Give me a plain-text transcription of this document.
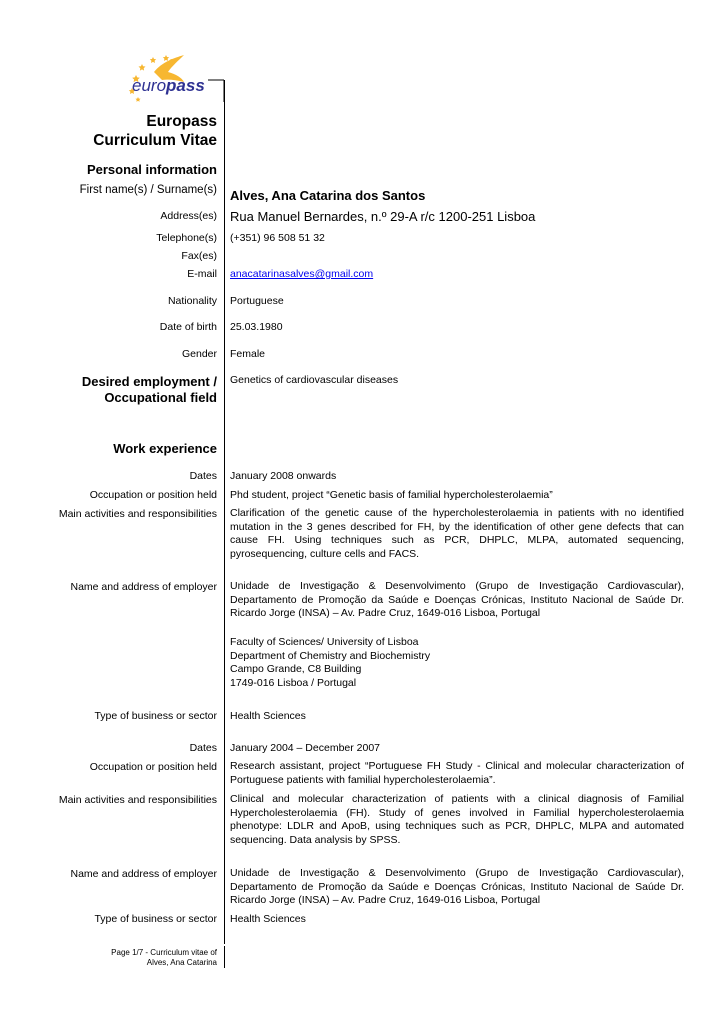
europass
Europass
Curriculum Vitae
Personal information
First name(s) / Surname(s) Alves, Ana Catarina dos Santos
Address(es) Rua Manuel Bernardes, n.º 29-A r/c 1200-251 Lisboa
Telephone(s) (+351) 96 508 51 32
Fax(es)
E-mail anacatarinasalves@gmail.com
Nationality Portuguese
Date of birth 25.03.1980
Gender Female
Desired employment /
Occupational field
Genetics of cardiovascular diseases
Work experience
Dates January 2008 onwards
Occupation or position held Phd student, project “Genetic basis of familial hypercholesterolaemia”
Main activities and responsibilities Clarification of the genetic cause of the hypercholesterolaemia in patients with no identified mutation in the 3 genes described for FH, by the identification of other gene defects that can cause FH. Using techniques such as PCR, DHPLC, MLPA, automated sequencing, pyrosequencing, culture cells and FACS.
Name and address of employer Unidade de Investigação & Desenvolvimento (Grupo de Investigação Cardiovascular), Departamento de Promoção da Saúde e Doenças Crónicas, Instituto Nacional de Saúde Dr. Ricardo Jorge (INSA) – Av. Padre Cruz, 1649-016 Lisboa, Portugal
Faculty of Sciences/ University of Lisboa
Department of Chemistry and Biochemistry
Campo Grande, C8 Building
1749-016 Lisboa / Portugal
Type of business or sector Health Sciences
Dates January 2004 – December 2007
Occupation or position held Research assistant, project “Portuguese FH Study - Clinical and molecular characterization of Portuguese patients with familial hypercholesterolaemia”.
Main activities and responsibilities Clinical and molecular characterization of patients with a clinical diagnosis of Familial Hypercholesterolaemia (FH). Study of genes involved in Familial hypercholesterolaemia phenotype: LDLR and ApoB, using techniques such as PCR, DHPLC, MLPA and automated sequencing. Data analysis by SPSS.
Name and address of employer Unidade de Investigação & Desenvolvimento (Grupo de Investigação Cardiovascular), Departamento de Promoção da Saúde e Doenças Crónicas, Instituto Nacional de Saúde Dr. Ricardo Jorge (INSA) – Av. Padre Cruz, 1649-016 Lisboa, Portugal
Type of business or sector Health Sciences
Page 1/7 - Curriculum vitae of
Alves, Ana Catarina
